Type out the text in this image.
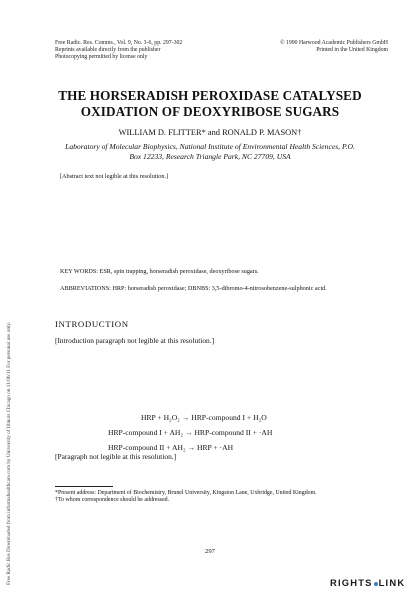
Free Radic Res Downloaded from informahealthcare.com by University of Illinois Chicago on 11/06/11 For personal use only.
Free Radic. Res. Comms., Vol. 9, No. 3-6, pp. 297-302
Reprints available directly from the publisher
Photocopying permitted by license only
© 1990 Harwood Academic Publishers GmbH
Printed in the United Kingdom
THE HORSERADISH PEROXIDASE CATALYSED OXIDATION OF DEOXYRIBOSE SUGARS
WILLIAM D. FLITTER* and RONALD P. MASON†
Laboratory of Molecular Biophysics, National Institute of Environmental Health Sciences, P.O. Box 12233, Research Triangle Park, NC 27709, USA
[Abstract text not legible at this resolution.]
KEY WORDS: ESR, spin trapping, horseradish peroxidase, deoxyribose sugars.
ABBREVIATIONS: HRP: horseradish peroxidase; DBNBS: 3,5-dibromo-4-nitrosobenzene-sulphonic acid.
INTRODUCTION
[Introduction paragraph not legible at this resolution.]
HRP + H₂O₂ → HRP-compound I + H₂O
HRP-compound I + AH₂ → HRP-compound II + ·AH
HRP-compound II + AH₂ → HRP + ·AH
[Paragraph not legible at this resolution.]
*Present address: Department of Biochemistry, Brunel University, Kingston Lane, Uxbridge, United Kingdom.
†To whom correspondence should be addressed.
297
RIGHTS LINK
